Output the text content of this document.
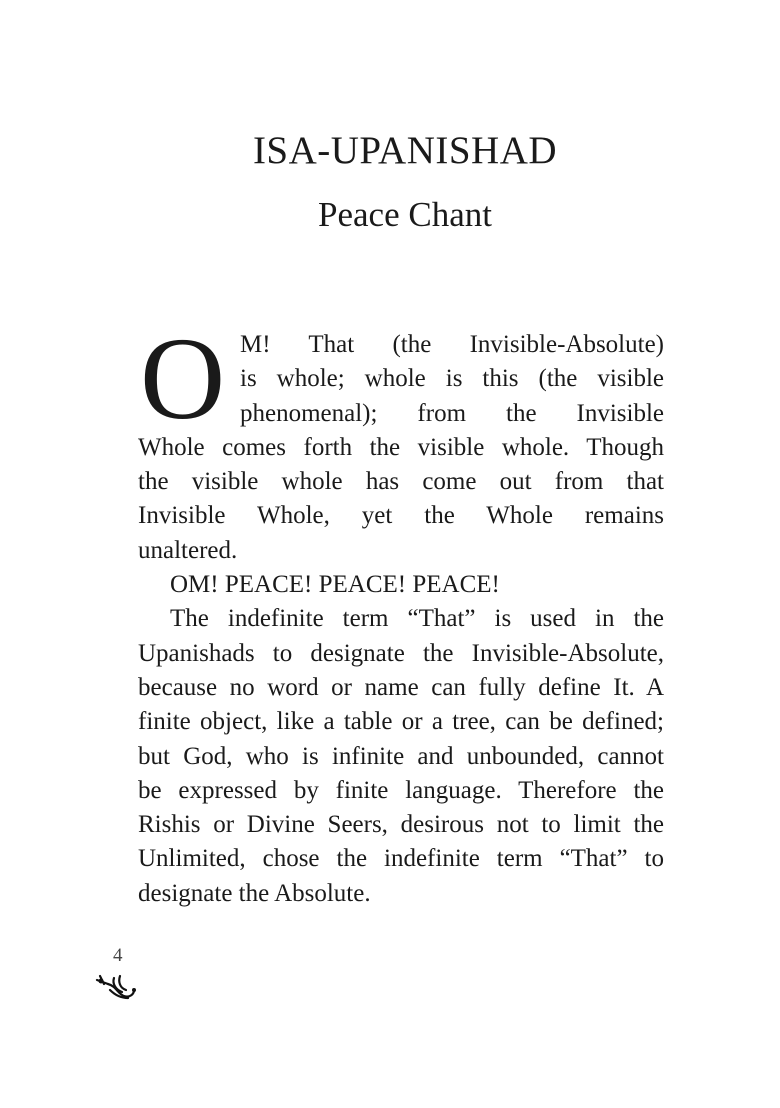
ISA-UPANISHAD
Peace Chant
O M! That (the Invisible-Absolute)
is whole; whole is this (the visible
phenomenal); from the Invisible
Whole comes forth the visible whole. Though
the visible whole has come out from that
Invisible Whole, yet the Whole remains
unaltered.
OM! PEACE! PEACE! PEACE!
The indefinite term “That” is used in the
Upanishads to designate the Invisible-Absolute,
because no word or name can fully define It. A
finite object, like a table or a tree, can be defined;
but God, who is infinite and unbounded, cannot
be expressed by finite language. Therefore the
Rishis or Divine Seers, desirous not to limit the
Unlimited, chose the indefinite term “That” to
designate the Absolute.
4
